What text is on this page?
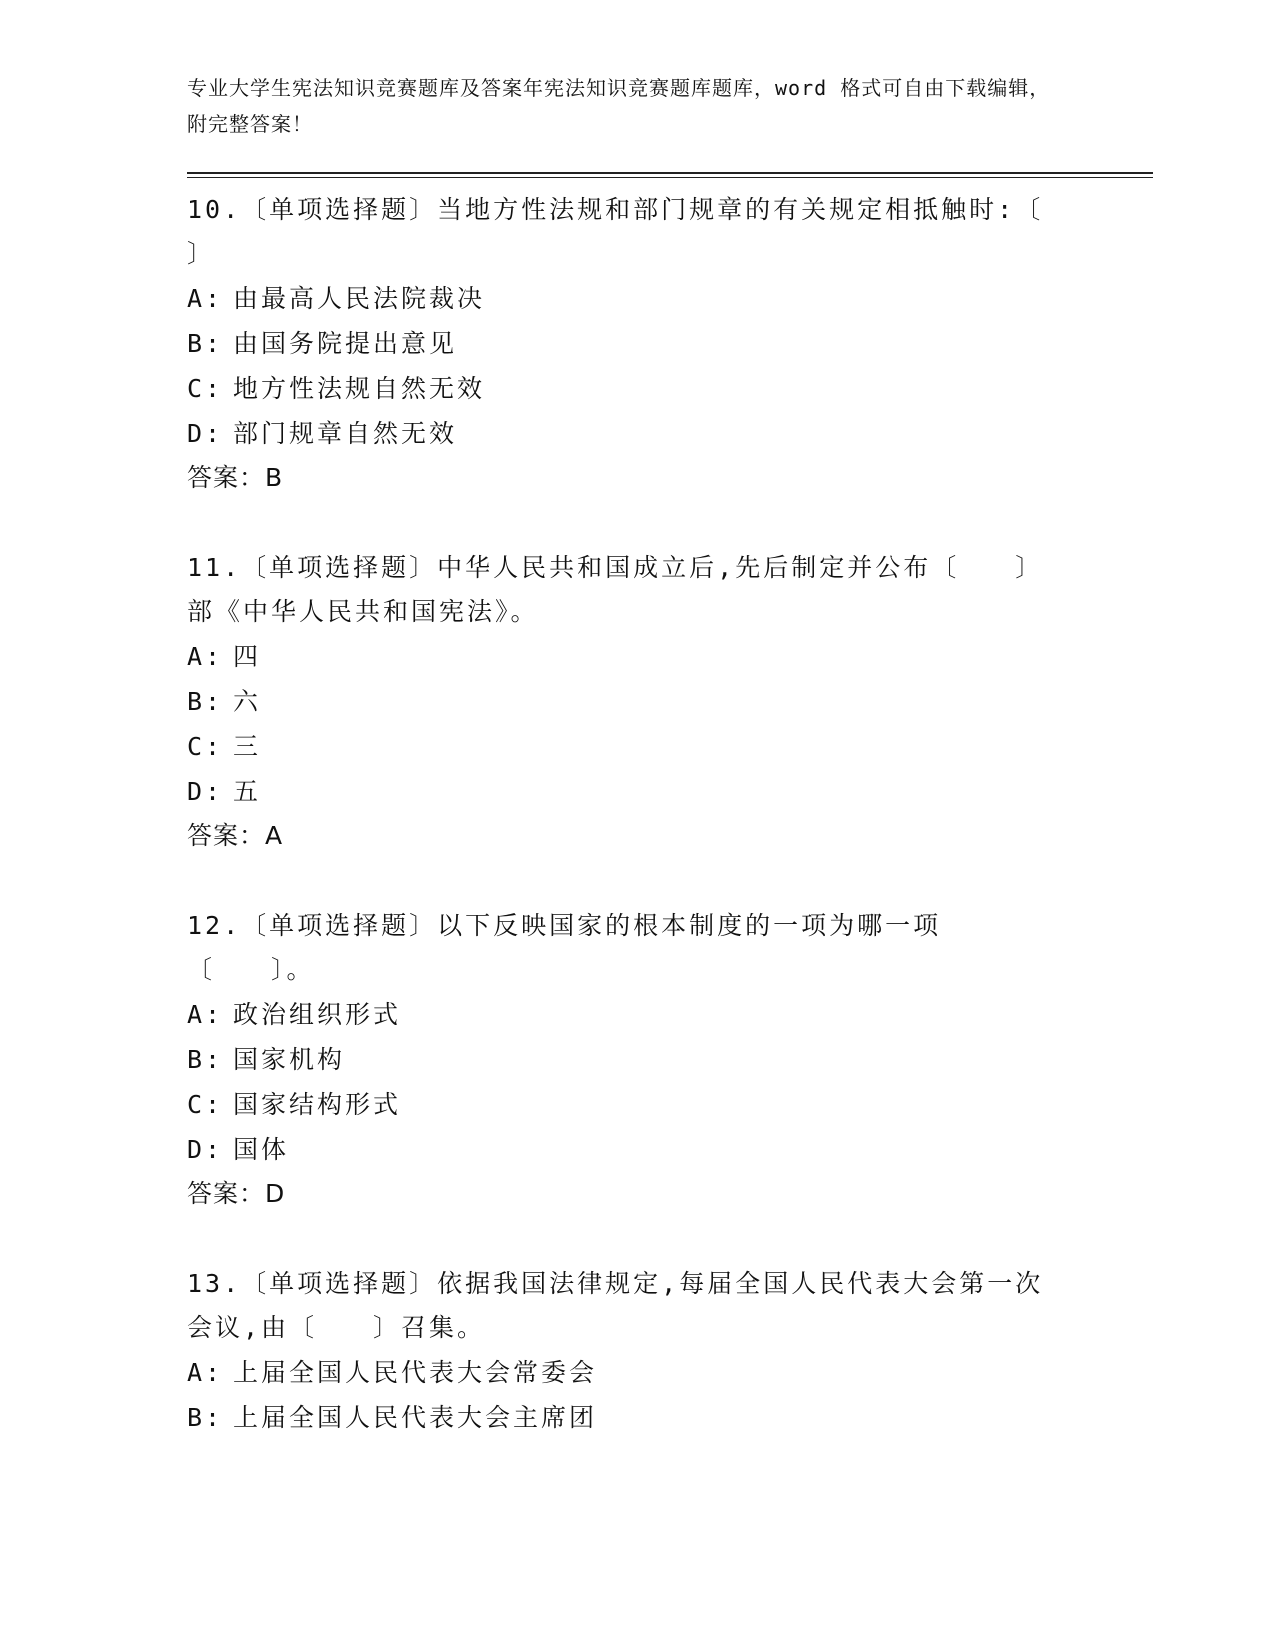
专业大学生宪法知识竞赛题库及答案年宪法知识竞赛题库题库，word 格式可自由下载编辑，附完整答案！
10.〔单项选择题〕当地方性法规和部门规章的有关规定相抵触时:〔 〕
A: 由最高人民法院裁决
B: 由国务院提出意见
C: 地方性法规自然无效
D: 部门规章自然无效
答案：B
11.〔单项选择题〕中华人民共和国成立后,先后制定并公布〔　　〕部《中华人民共和国宪法》。
A: 四
B: 六
C: 三
D: 五
答案：A
12.〔单项选择题〕以下反映国家的根本制度的一项为哪一项〔　　〕。
A: 政治组织形式
B: 国家机构
C: 国家结构形式
D: 国体
答案：D
13.〔单项选择题〕依据我国法律规定,每届全国人民代表大会第一次会议,由〔　　〕召集。
A: 上届全国人民代表大会常委会
B: 上届全国人民代表大会主席团
